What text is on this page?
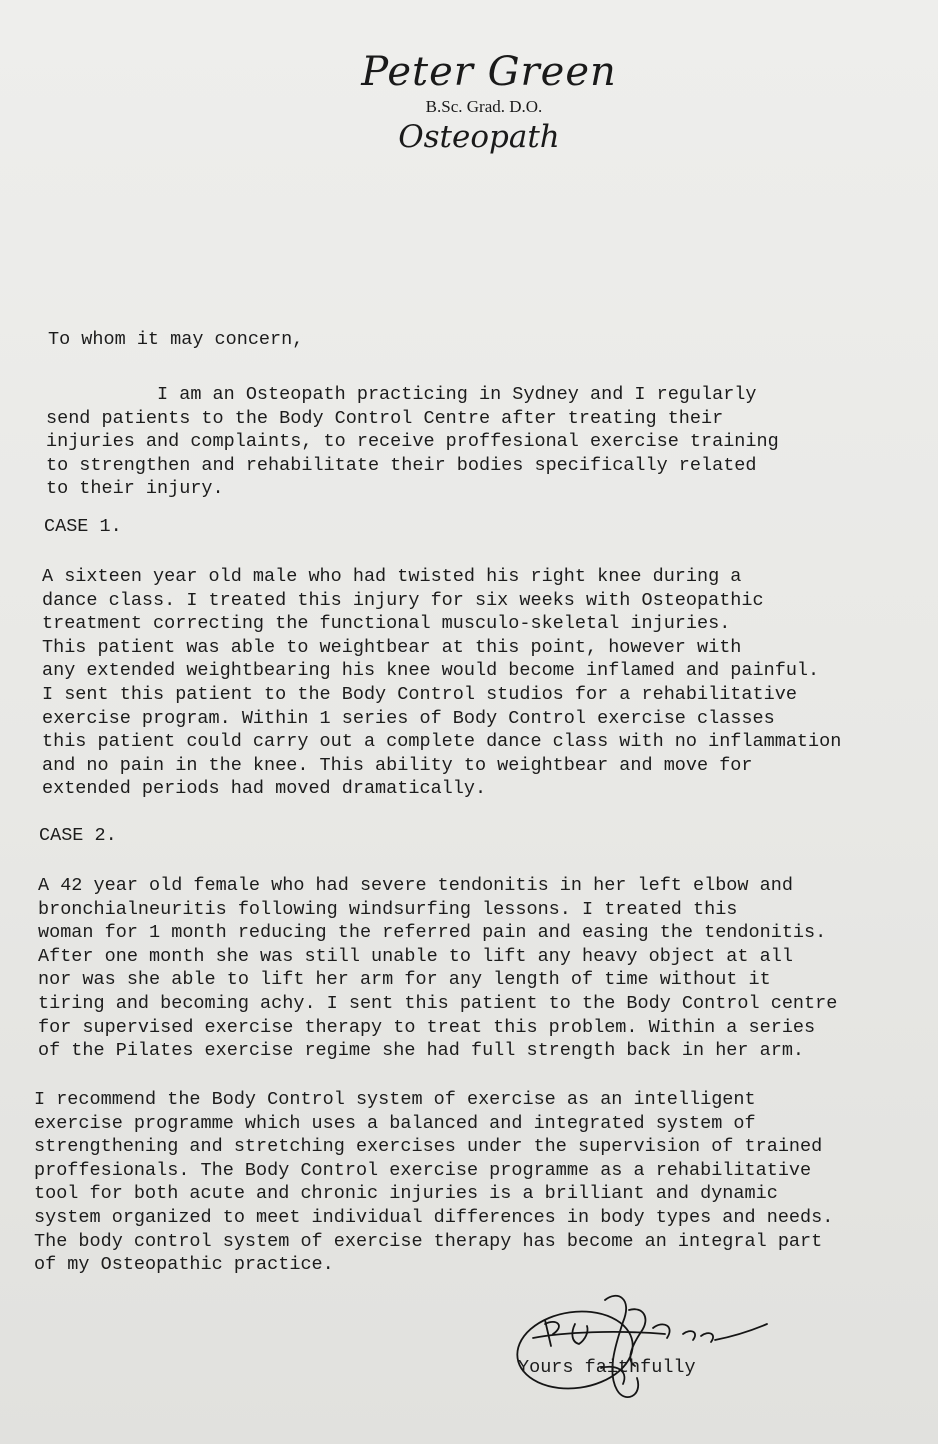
Peter Green
B.Sc. Grad. D.O.
Osteopath
To whom it may concern,
I am an Osteopath practicing in Sydney and I regularly
send patients to the Body Control Centre after treating their
injuries and complaints, to receive proffesional exercise training
to strengthen and rehabilitate their bodies specifically related
to their injury.
CASE 1.
A sixteen year old male who had twisted his right knee during a
dance class. I treated this injury for six weeks with Osteopathic
treatment correcting the functional musculo-skeletal injuries.
This patient was able to weightbear at this point, however with
any extended weightbearing his knee would become inflamed and painful.
I sent this patient to the Body Control studios for a rehabilitative
exercise program. Within 1 series of Body Control exercise classes
this patient could carry out a complete dance class with no inflammation
and no pain in the knee. This ability to weightbear and move for
extended periods had moved dramatically.
CASE 2.
A 42 year old female who had severe tendonitis in her left elbow and
bronchialneuritis following windsurfing lessons. I treated this
woman for 1 month reducing the referred pain and easing the tendonitis.
After one month she was still unable to lift any heavy object at all
nor was she able to lift her arm for any length of time without it
tiring and becoming achy. I sent this patient to the Body Control centre
for supervised exercise therapy to treat this problem. Within a series
of the Pilates exercise regime she had full strength back in her arm.
I recommend the Body Control system of exercise as an intelligent
exercise programme which uses a balanced and integrated system of
strengthening and stretching exercises under the supervision of trained
proffesionals. The Body Control exercise programme as a rehabilitative
tool for both acute and chronic injuries is a brilliant and dynamic
system organized to meet individual differences in body types and needs.
The body control system of exercise therapy has become an integral part
of my Osteopathic practice.
Yours faithfully
